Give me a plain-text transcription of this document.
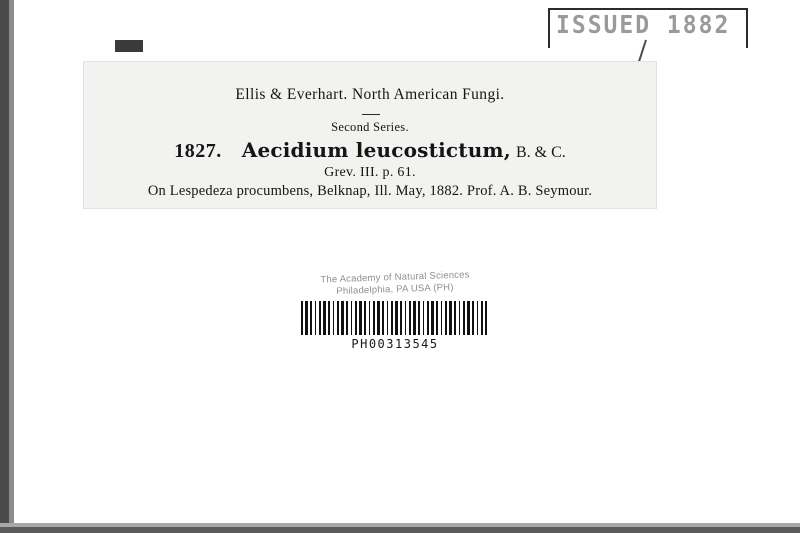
ISSUED 1882
Ellis & Everhart. North American Fungi.
Second Series.
1827. Aecidium leucostictum, B. & C.
Grev. III. p. 61.
On Lespedeza procumbens, Belknap, Ill. May, 1882. Prof. A. B. Seymour.
The Academy of Natural Sciences
Philadelphia, PA USA (PH)
PH00313545
